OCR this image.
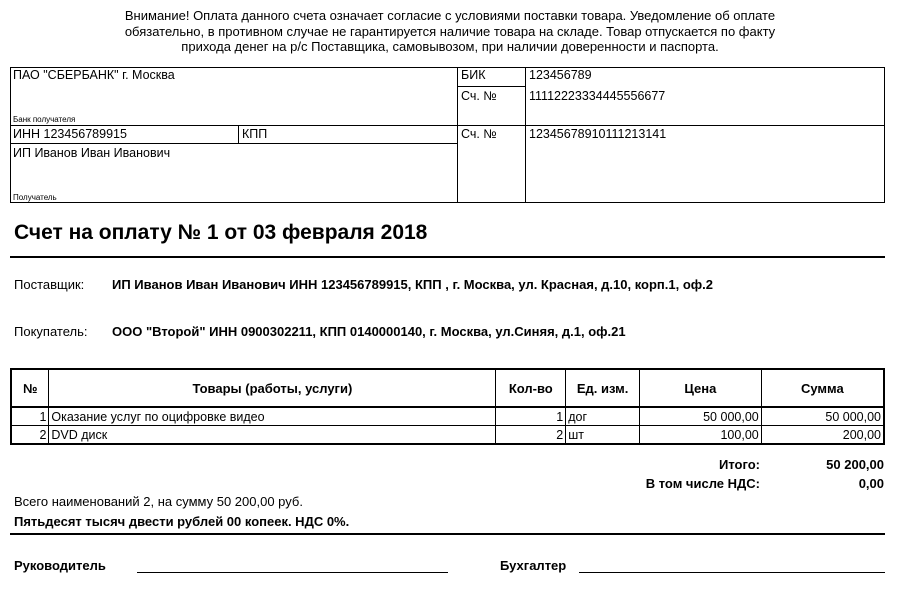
Внимание! Оплата данного счета означает согласие с условиями поставки товара. Уведомление об оплате
обязательно, в противном случае не гарантируется наличие товара на складе. Товар отпускается по факту
прихода денег на р/с Поставщика, самовывозом, при наличии доверенности и паспорта.
ПАО "СБЕРБАНК" г. Москва
Банк получателя
БИК	123456789
Сч. №	11112223334445556677
ИНН 123456789915	КПП	Сч. №	12345678910111213141
ИП Иванов Иван Иванович
Получатель
Счет на оплату № 1 от 03 февраля 2018
Поставщик: ИП Иванов Иван Иванович ИНН 123456789915, КПП , г. Москва, ул. Красная, д.10, корп.1, оф.2
Покупатель: ООО "Второй" ИНН 0900302211, КПП 0140000140, г. Москва, ул.Синяя, д.1, оф.21
№	Товары (работы, услуги)	Кол-во	Ед. изм.	Цена	Сумма
1	Оказание услуг по оцифровке видео	1	дог	50 000,00	50 000,00
2	DVD диск	2	шт	100,00	200,00
Итого:	50 200,00
В том числе НДС:	0,00
Всего наименований 2, на сумму 50 200,00 руб.
Пятьдесят тысяч двести рублей 00 копеек. НДС 0%.
Руководитель	Бухгалтер
